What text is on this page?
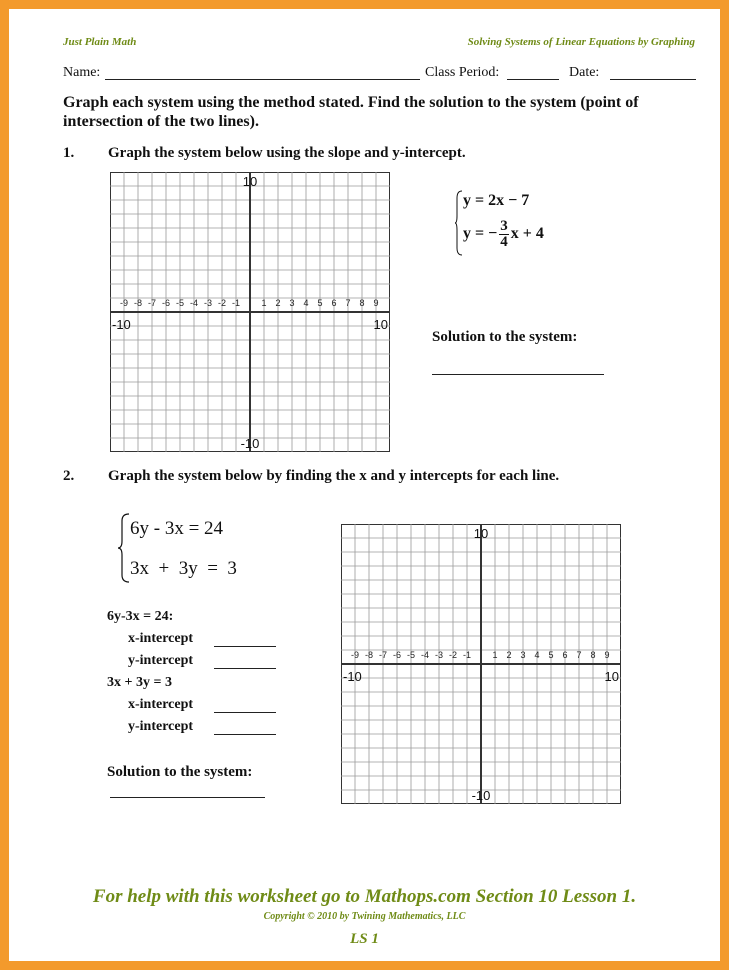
Just Plain Math	Solving Systems of Linear Equations by Graphing
Name:	Class Period:	Date:
Graph each system using the method stated. Find the solution to the system (point of intersection of the two lines).
1. Graph the system below using the slope and y-intercept.
-9 -8 -7 -6 -5 -4 -3 -2 -1 1 2 3 4 5 6 7 8 9
10
-10
-10	10
y = 2x − 7
y = − $\frac{3}{4}$ x + 4
Solution to the system:
2. Graph the system below by finding the x and y intercepts for each line.
6y - 3x = 24
3x  +  3y  =  3
6y-3x = 24:
x-intercept
y-intercept
3x + 3y = 3
x-intercept
y-intercept
Solution to the system:
-9 -8 -7 -6 -5 -4 -3 -2 -1 1 2 3 4 5 6 7 8 9
10
-10
-10	10
For help with this worksheet go to Mathops.com Section 10 Lesson 1.
Copyright © 2010 by Twining Mathematics, LLC
LS 1
